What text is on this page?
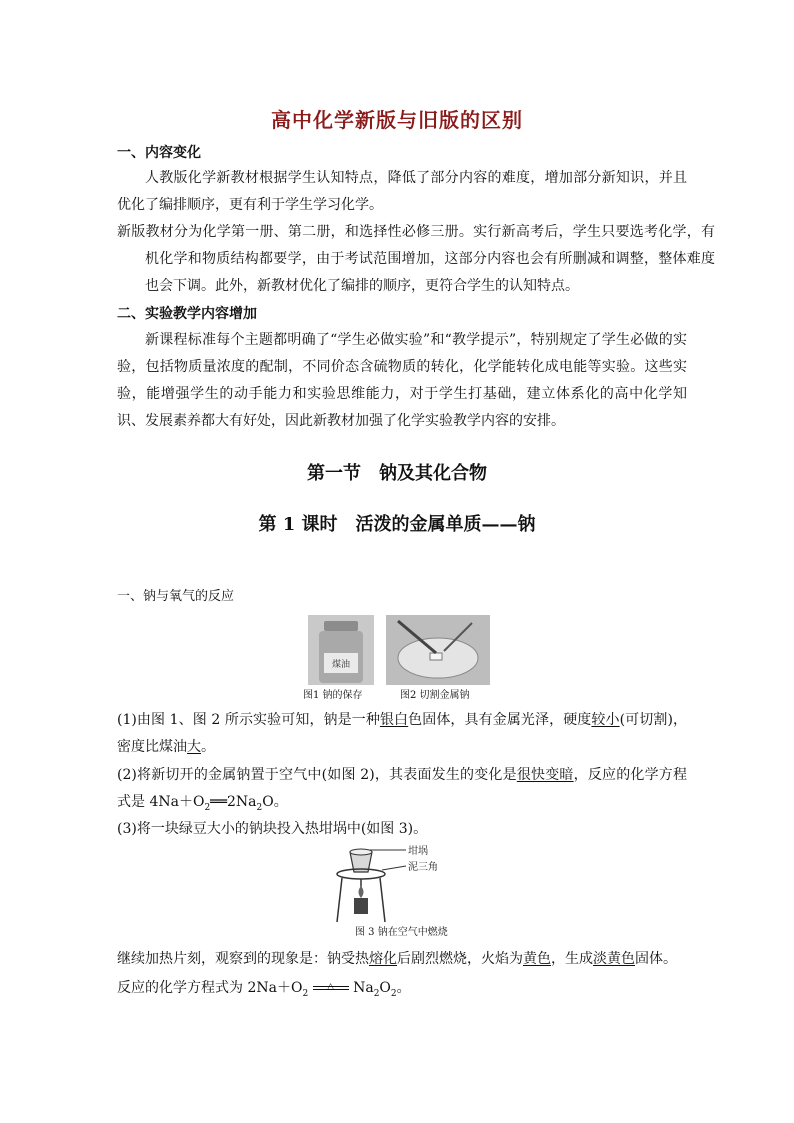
高中化学新版与旧版的区别
一、内容变化
人教版化学新教材根据学生认知特点，降低了部分内容的难度，增加部分新知识，并且优化了编排顺序，更有利于学生学习化学。
新版教材分为化学第一册、第二册，和选择性必修三册。实行新高考后，学生只要选考化学，有机化学和物质结构都要学，由于考试范围增加，这部分内容也会有所删减和调整，整体难度也会下调。此外，新教材优化了编排的顺序，更符合学生的认知特点。
二、实验教学内容增加
新课程标准每个主题都明确了“学生必做实验”和“教学提示”，特别规定了学生必做的实验，包括物质量浓度的配制，不同价态含硫物质的转化，化学能转化成电能等实验。这些实验，能增强学生的动手能力和实验思维能力，对于学生打基础，建立体系化的高中化学知识、发展素养都大有好处，因此新教材加强了化学实验教学内容的安排。
第一节　钠及其化合物
第 1 课时　活泼的金属单质——钠
一、钠与氧气的反应
煤油
图1 钠的保存	图2 切割金属钠
(1)由图 1、图 2 所示实验可知，钠是一种银白色固体，具有金属光泽，硬度较小(可切割)，密度比煤油大。
(2)将新切开的金属钠置于空气中(如图 2)，其表面发生的变化是很快变暗，反应的化学方程式是 $4Na+O_2══2Na_2O$。
(3)将一块绿豆大小的钠块投入热坩埚中(如图 3)。
坩埚
泥三角
图 3 钠在空气中燃烧
继续加热片刻，观察到的现象是：钠受热熔化后剧烈燃烧，火焰为黄色，生成淡黄色固体。
反应的化学方程式为 $2Na+O_2$
△	$Na_2O_2$。
